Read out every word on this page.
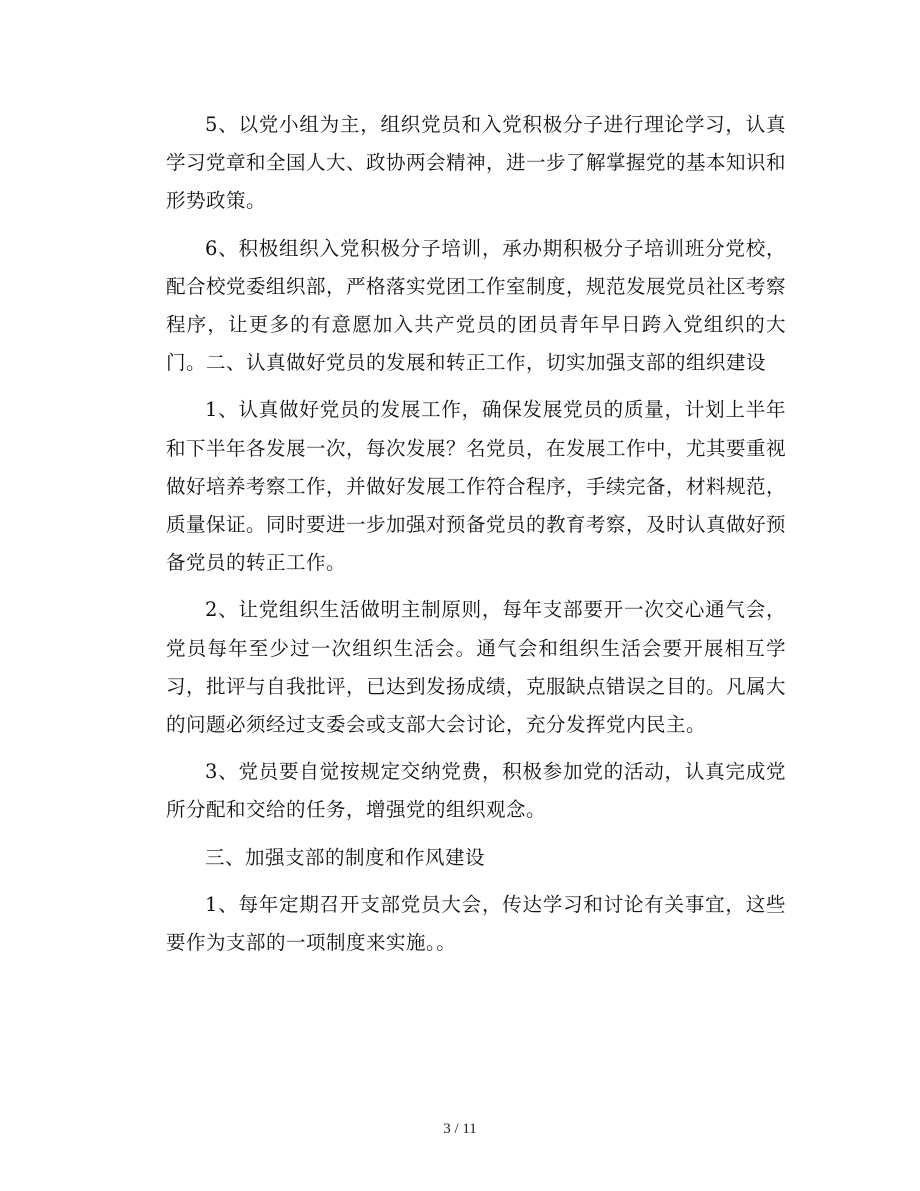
5、以党小组为主，组织党员和入党积极分子进行理论学习，认真学习党章和全国人大、政协两会精神，进一步了解掌握党的基本知识和形势政策。

6、积极组织入党积极分子培训，承办期积极分子培训班分党校，配合校党委组织部，严格落实党团工作室制度，规范发展党员社区考察程序，让更多的有意愿加入共产党员的团员青年早日跨入党组织的大门。二、认真做好党员的发展和转正工作，切实加强支部的组织建设

1、认真做好党员的发展工作，确保发展党员的质量，计划上半年和下半年各发展一次，每次发展？名党员，在发展工作中，尤其要重视做好培养考察工作，并做好发展工作符合程序，手续完备，材料规范，质量保证。同时要进一步加强对预备党员的教育考察，及时认真做好预备党员的转正工作。

2、让党组织生活做明主制原则，每年支部要开一次交心通气会，党员每年至少过一次组织生活会。通气会和组织生活会要开展相互学习，批评与自我批评，已达到发扬成绩，克服缺点错误之目的。凡属大的问题必须经过支委会或支部大会讨论，充分发挥党内民主。

3、党员要自觉按规定交纳党费，积极参加党的活动，认真完成党所分配和交给的任务，增强党的组织观念。

三、加强支部的制度和作风建设

1、每年定期召开支部党员大会，传达学习和讨论有关事宜，这些要作为支部的一项制度来实施。。

3 / 11
